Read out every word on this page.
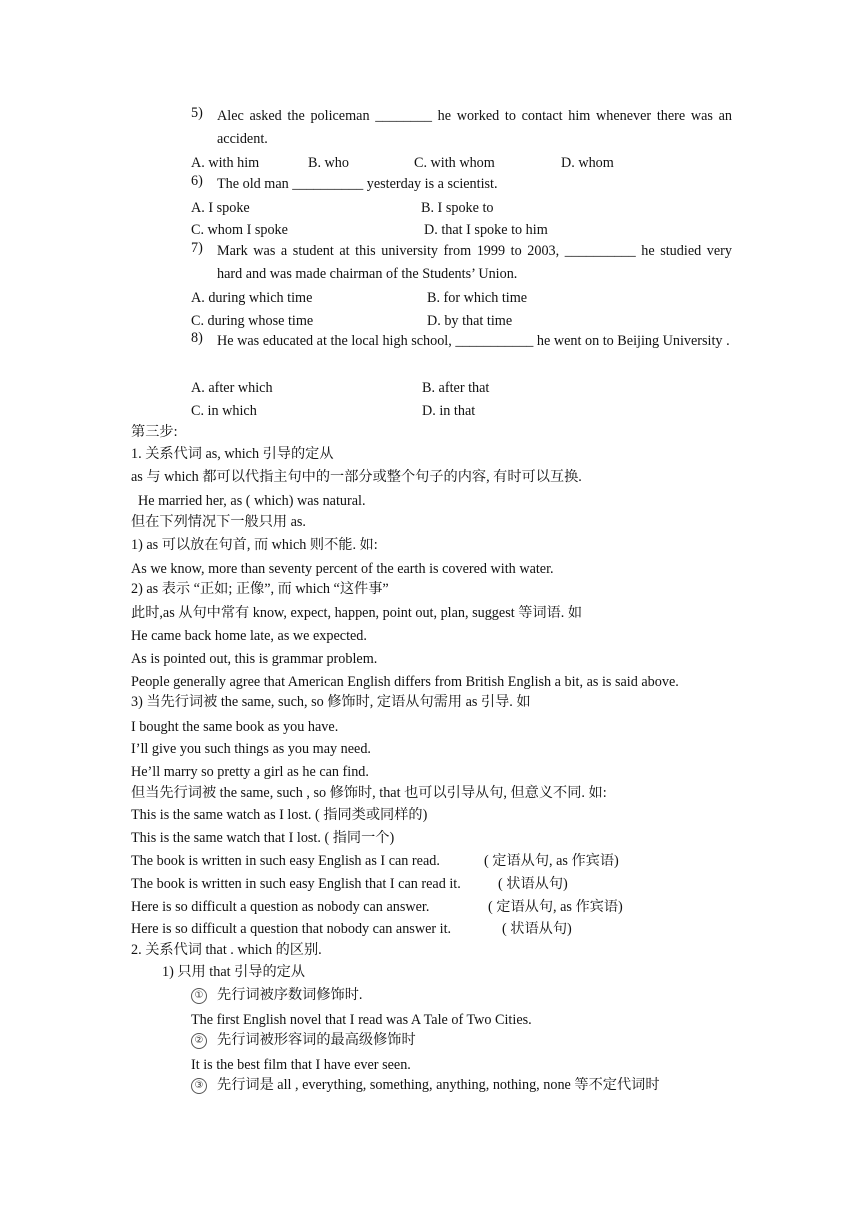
5) Alec asked the policeman ________ he worked to contact him whenever there was an accident.
A. with him	B. who	C. with whom	D. whom
6) The old man __________ yesterday is a scientist.
A. I spoke	B. I spoke to
C. whom I spoke	D. that I spoke to him
7) Mark was a student at this university from 1999 to 2003, __________ he studied very hard and was made chairman of the Students’ Union.
A. during which time	B. for which time
C. during whose time	D. by that time
8) He was educated at the local high school, ___________ he went on to Beijing University .
A. after which	B. after that
C. in which	D. in that
第三步:
1. 关系代词 as, which 引导的定从
as 与 which 都可以代指主句中的一部分或整个句子的内容, 有时可以互换.
He married her, as ( which) was natural.
但在下列情况下一般只用 as.
1) as 可以放在句首, 而 which 则不能. 如:
As we know, more than seventy percent of the earth is covered with water.
2) as 表示 “正如; 正像”, 而 which “这件事”
此时,as 从句中常有 know, expect, happen, point out, plan, suggest 等词语. 如
He came back home late, as we expected.
As is pointed out, this is grammar problem.
People generally agree that American English differs from British English a bit, as is said above.
3) 当先行词被 the same, such, so 修饰时, 定语从句需用 as 引导. 如
I bought the same book as you have.
I’ll give you such things as you may need.
He’ll marry so pretty a girl as he can find.
但当先行词被 the same, such , so 修饰时, that 也可以引导从句, 但意义不同. 如:
This is the same watch as I lost. ( 指同类或同样的)
This is the same watch that I lost. ( 指同一个)
The book is written in such easy English as I can read.	( 定语从句, as 作宾语)
The book is written in such easy English that I can read it.	( 状语从句)
Here is so difficult a question as nobody can answer.	( 定语从句, as 作宾语)
Here is so difficult a question that nobody can answer it.	( 状语从句)
2. 关系代词 that . which 的区别.
1) 只用 that 引导的定从
① 先行词被序数词修饰时.
The first English novel that I read was A Tale of Two Cities.
② 先行词被形容词的最高级修饰时
It is the best film that I have ever seen.
③ 先行词是 all , everything, something, anything, nothing, none 等不定代词时
